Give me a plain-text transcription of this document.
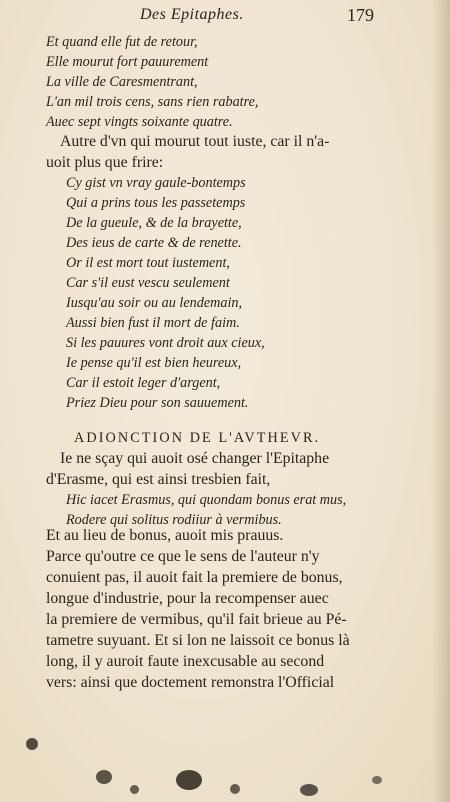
Des Epitaphes.	179
Et quand elle fut de retour,
Elle mourut fort pauurement
La ville de Caresmentrant,
L'an mil trois cens, sans rien rabatre,
Auec sept vingts soixante quatre.
Autre d'vn qui mourut tout iuste, car il n'a-
uoit plus que frire:
Cy gist vn vray gaule-bontemps
Qui a prins tous les passetemps
De la gueule, & de la brayette,
Des ieus de carte & de renette.
Or il est mort tout iustement,
Car s'il eust vescu seulement
Iusqu'au soir ou au lendemain,
Aussi bien fust il mort de faim.
Si les pauures vont droit aux cieux,
Ie pense qu'il est bien heureux,
Car il estoit leger d'argent,
Priez Dieu pour son sauuement.
ADIONCTION DE L'AVTHEVR.
Ie ne sçay qui auoit osé changer l'Epitaphe
d'Erasme, qui est ainsi tresbien fait,
Hic iacet Erasmus, qui quondam bonus erat mus,
Rodere qui solitus rodiiur à vermibus.
Et au lieu de bonus, auoit mis prauus.
Parce qu'outre ce que le sens de l'auteur n'y
conuient pas, il auoit fait la premiere de bonus,
longue d'industrie, pour la recompenser auec
la premiere de vermibus, qu'il fait brieue au Pé-
tametre suyuant. Et si lon ne laissoit ce bonus là
long, il y auroit faute inexcusable au second
vers: ainsi que doctement remonstra l'Official
